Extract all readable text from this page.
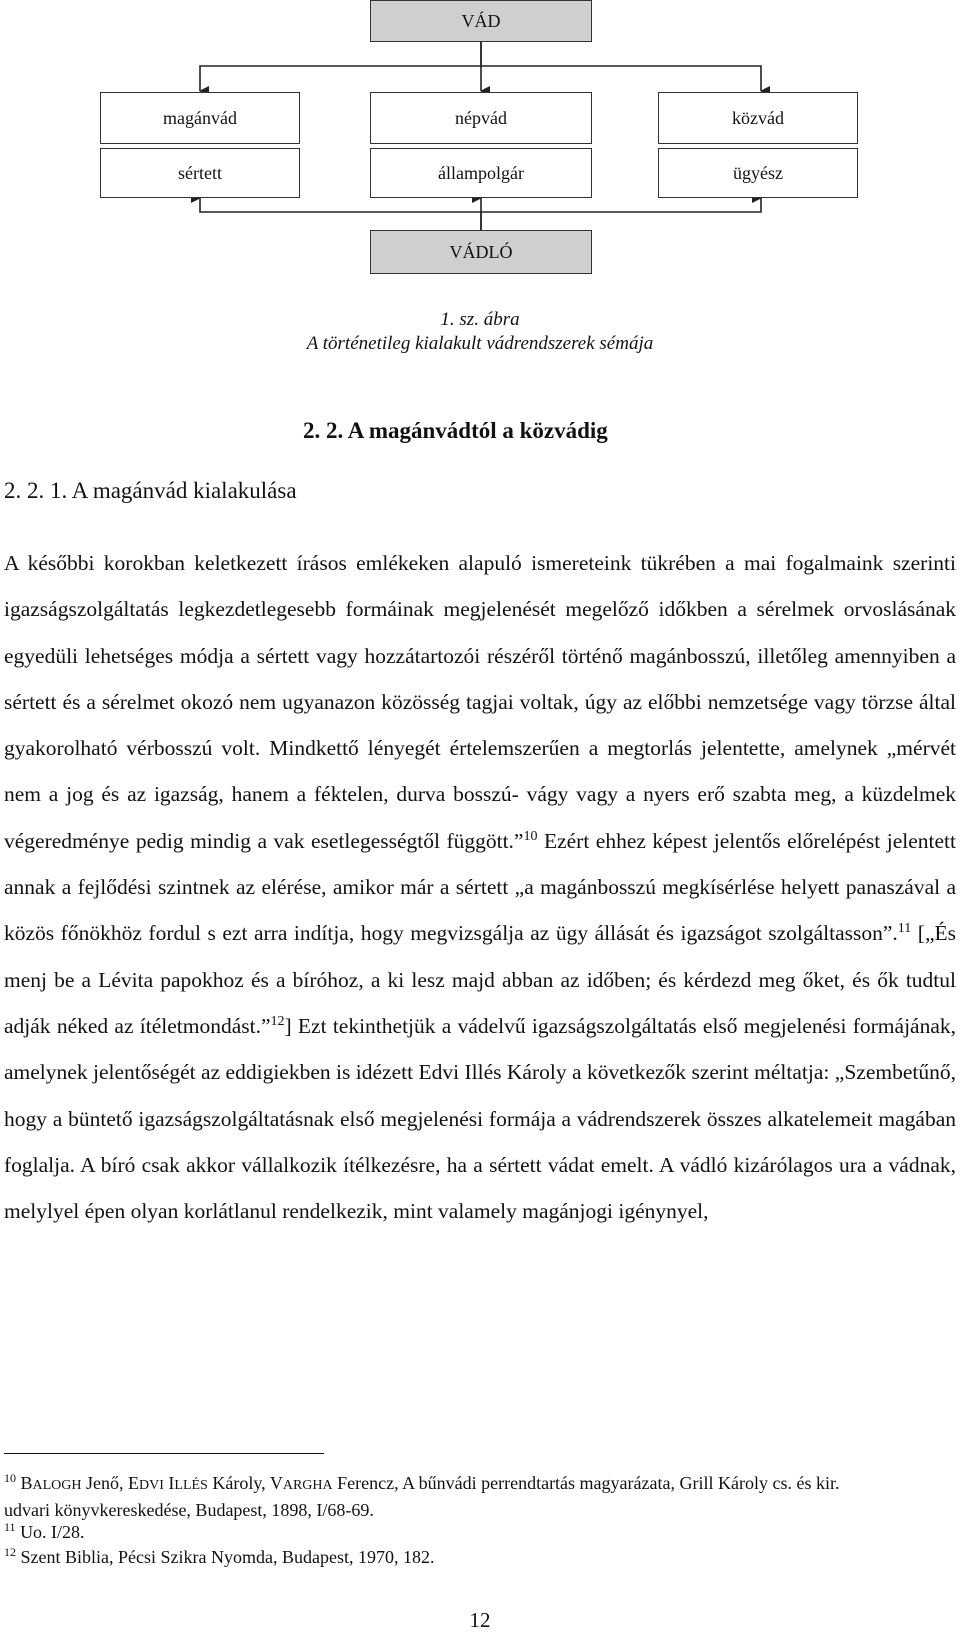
VÁD
magánvád
sértett
népvád
állampolgár
közvád
ügyész
VÁDLÓ
1. sz. ábra
A történetileg kialakult vádrendszerek sémája
2. 2. A magánvádtól a közvádig
2. 2. 1. A magánvád kialakulása

A későbbi korokban keletkezett írásos emlékeken alapuló ismereteink tükrében a mai fogalmaink szerinti igazságszolgáltatás legkezdetlegesebb formáinak megjelenését megelőző időkben a sérelmek orvoslásának egyedüli lehetséges módja a sértett vagy hozzátartozói részéről történő magánbosszú, illetőleg amennyiben a sértett és a sérelmet okozó nem ugyanazon közösség tagjai voltak, úgy az előbbi nemzetsége vagy törzse által gyakorolható vérbosszú volt. Mindkettő lényegét értelemszerűen a megtorlás jelentette, amelynek „mérvét nem a jog és az igazság, hanem a féktelen, durva bosszú- vágy vagy a nyers erő szabta meg, a küzdelmek végeredménye pedig mindig a vak esetlegességtől függött.”$^{10}$ Ezért ehhez képest jelentős előrelépést jelentett annak a fejlődési szintnek az elérése, amikor már a sértett „a magánbosszú megkísérlése helyett panaszával a közös főnökhöz fordul s ezt arra indítja, hogy megvizsgálja az ügy állását és igazságot szolgáltasson”.$^{11}$ [„És menj be a Lévita papokhoz és a bíróhoz, a ki lesz majd abban az időben; és kérdezd meg őket, és ők tudtul adják néked az ítéletmondást.”$^{12}$] Ezt tekinthetjük a vádelvű igazságszolgáltatás első megjelenési formájának, amelynek jelentőségét az eddigiekben is idézett Edvi Illés Károly a következők szerint méltatja: „Szembetűnő, hogy a büntető igazságszolgáltatásnak első megjelenési formája a vádrendszerek összes alkatelemeit magában foglalja. A bíró csak akkor vállalkozik ítélkezésre, ha a sértett vádat emelt. A vádló kizárólagos ura a vádnak, melylyel épen olyan korlátlanul rendelkezik, mint valamely magánjogi igénynyel,

$^{10}$ BALOGH Jenő, EDVI ILLÉS Károly, VARGHA Ferencz, A bűnvádi perrendtartás magyarázata, Grill Károly cs. és kir. udvari könyvkereskedése, Budapest, 1898, I/68-69.

$^{11}$ Uo. I/28.

$^{12}$ Szent Biblia, Pécsi Szikra Nyomda, Budapest, 1970, 182.

12
